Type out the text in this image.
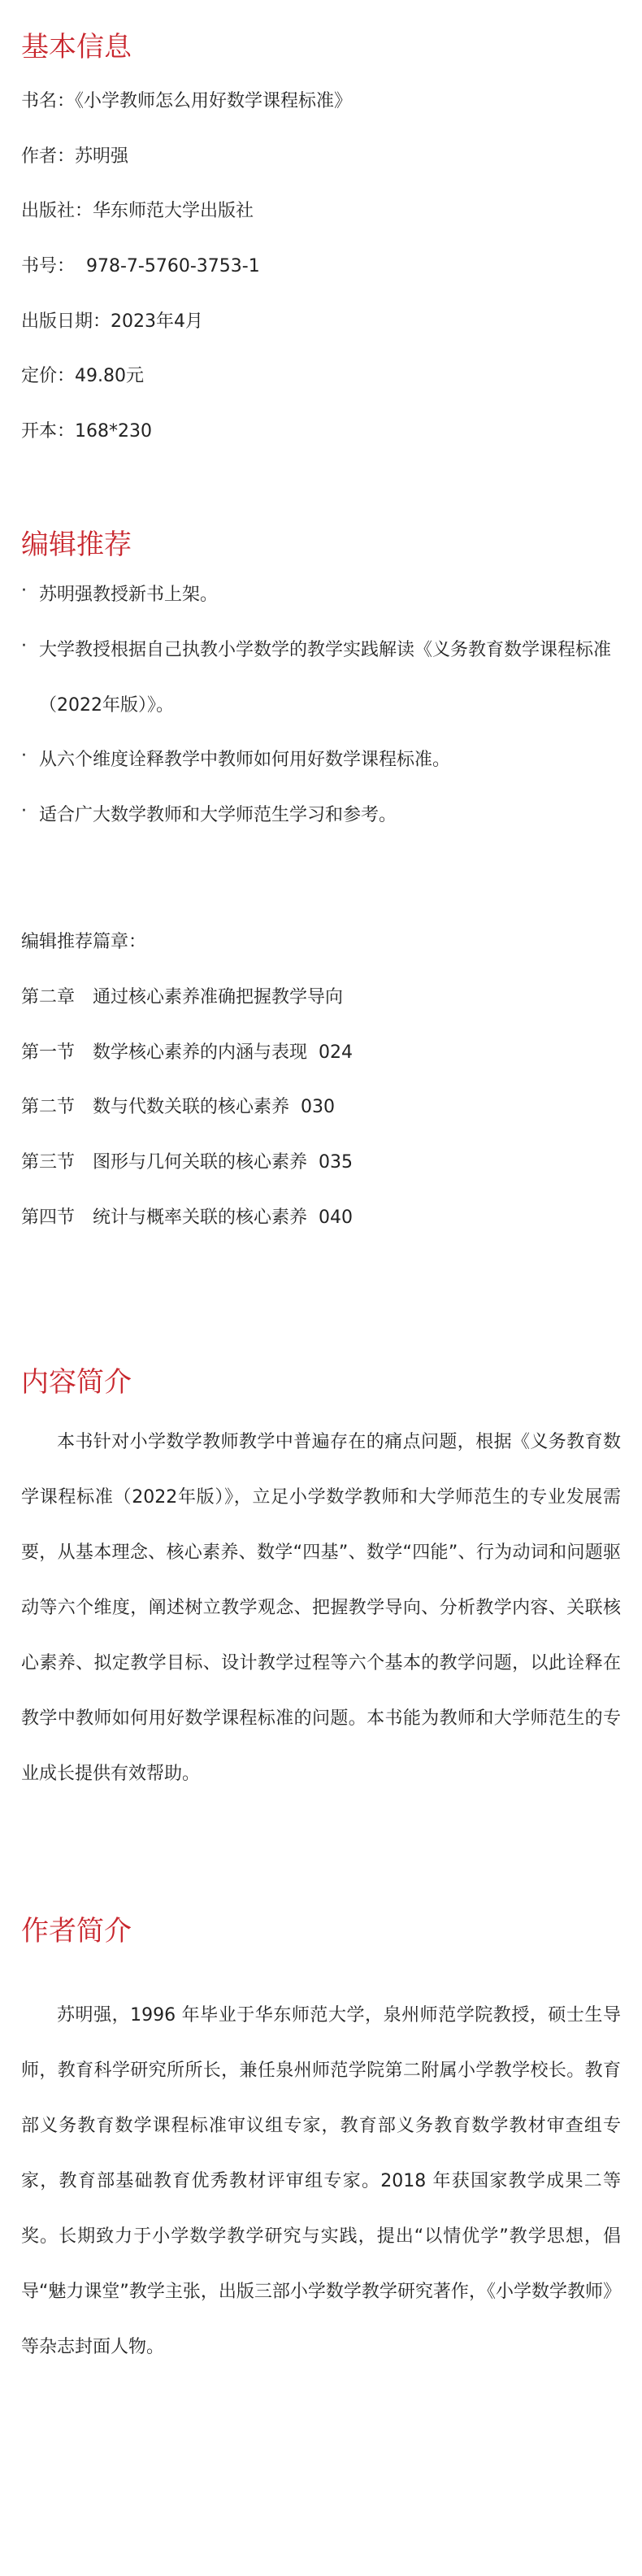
基本信息

书名：《小学教师怎么用好数学课程标准》

作者：苏明强

出版社：华东师范大学出版社

书号：  978-7-5760-3753-1

出版日期：2023年4月

定价：49.80元

开本：168*230

编辑推荐
· 苏明强教授新书上架。
· 大学教授根据自己执教小学数学的教学实践解读《义务教育数学课程标准（2022年版）》。
· 从六个维度诠释教学中教师如何用好数学课程标准。
· 适合广大数学教师和大学师范生学习和参考。

编辑推荐篇章：

第二章　通过核心素养准确把握教学导向

第一节　数学核心素养的内涵与表现  024

第二节　数与代数关联的核心素养  030

第三节　图形与几何关联的核心素养  035

第四节　统计与概率关联的核心素养  040

内容简介

本书针对小学数学教师教学中普遍存在的痛点问题，根据《义务教育数学课程标准（2022年版）》，立足小学数学教师和大学师范生的专业发展需要，从基本理念、核心素养、数学“四基”、数学“四能”、行为动词和问题驱动等六个维度，阐述树立教学观念、把握教学导向、分析教学内容、关联核心素养、拟定教学目标、设计教学过程等六个基本的教学问题，以此诠释在教学中教师如何用好数学课程标准的问题。本书能为教师和大学师范生的专业成长提供有效帮助。

作者简介

苏明强，1996 年毕业于华东师范大学，泉州师范学院教授，硕士生导师，教育科学研究所所长，兼任泉州师范学院第二附属小学教学校长。教育部义务教育数学课程标准审议组专家，教育部义务教育数学教材审查组专家，教育部基础教育优秀教材评审组专家。2018 年获国家教学成果二等奖。长期致力于小学数学教学研究与实践，提出“以情优学”教学思想，倡导“魅力课堂”教学主张，出版三部小学数学教学研究著作，《小学数学教师》等杂志封面人物。
